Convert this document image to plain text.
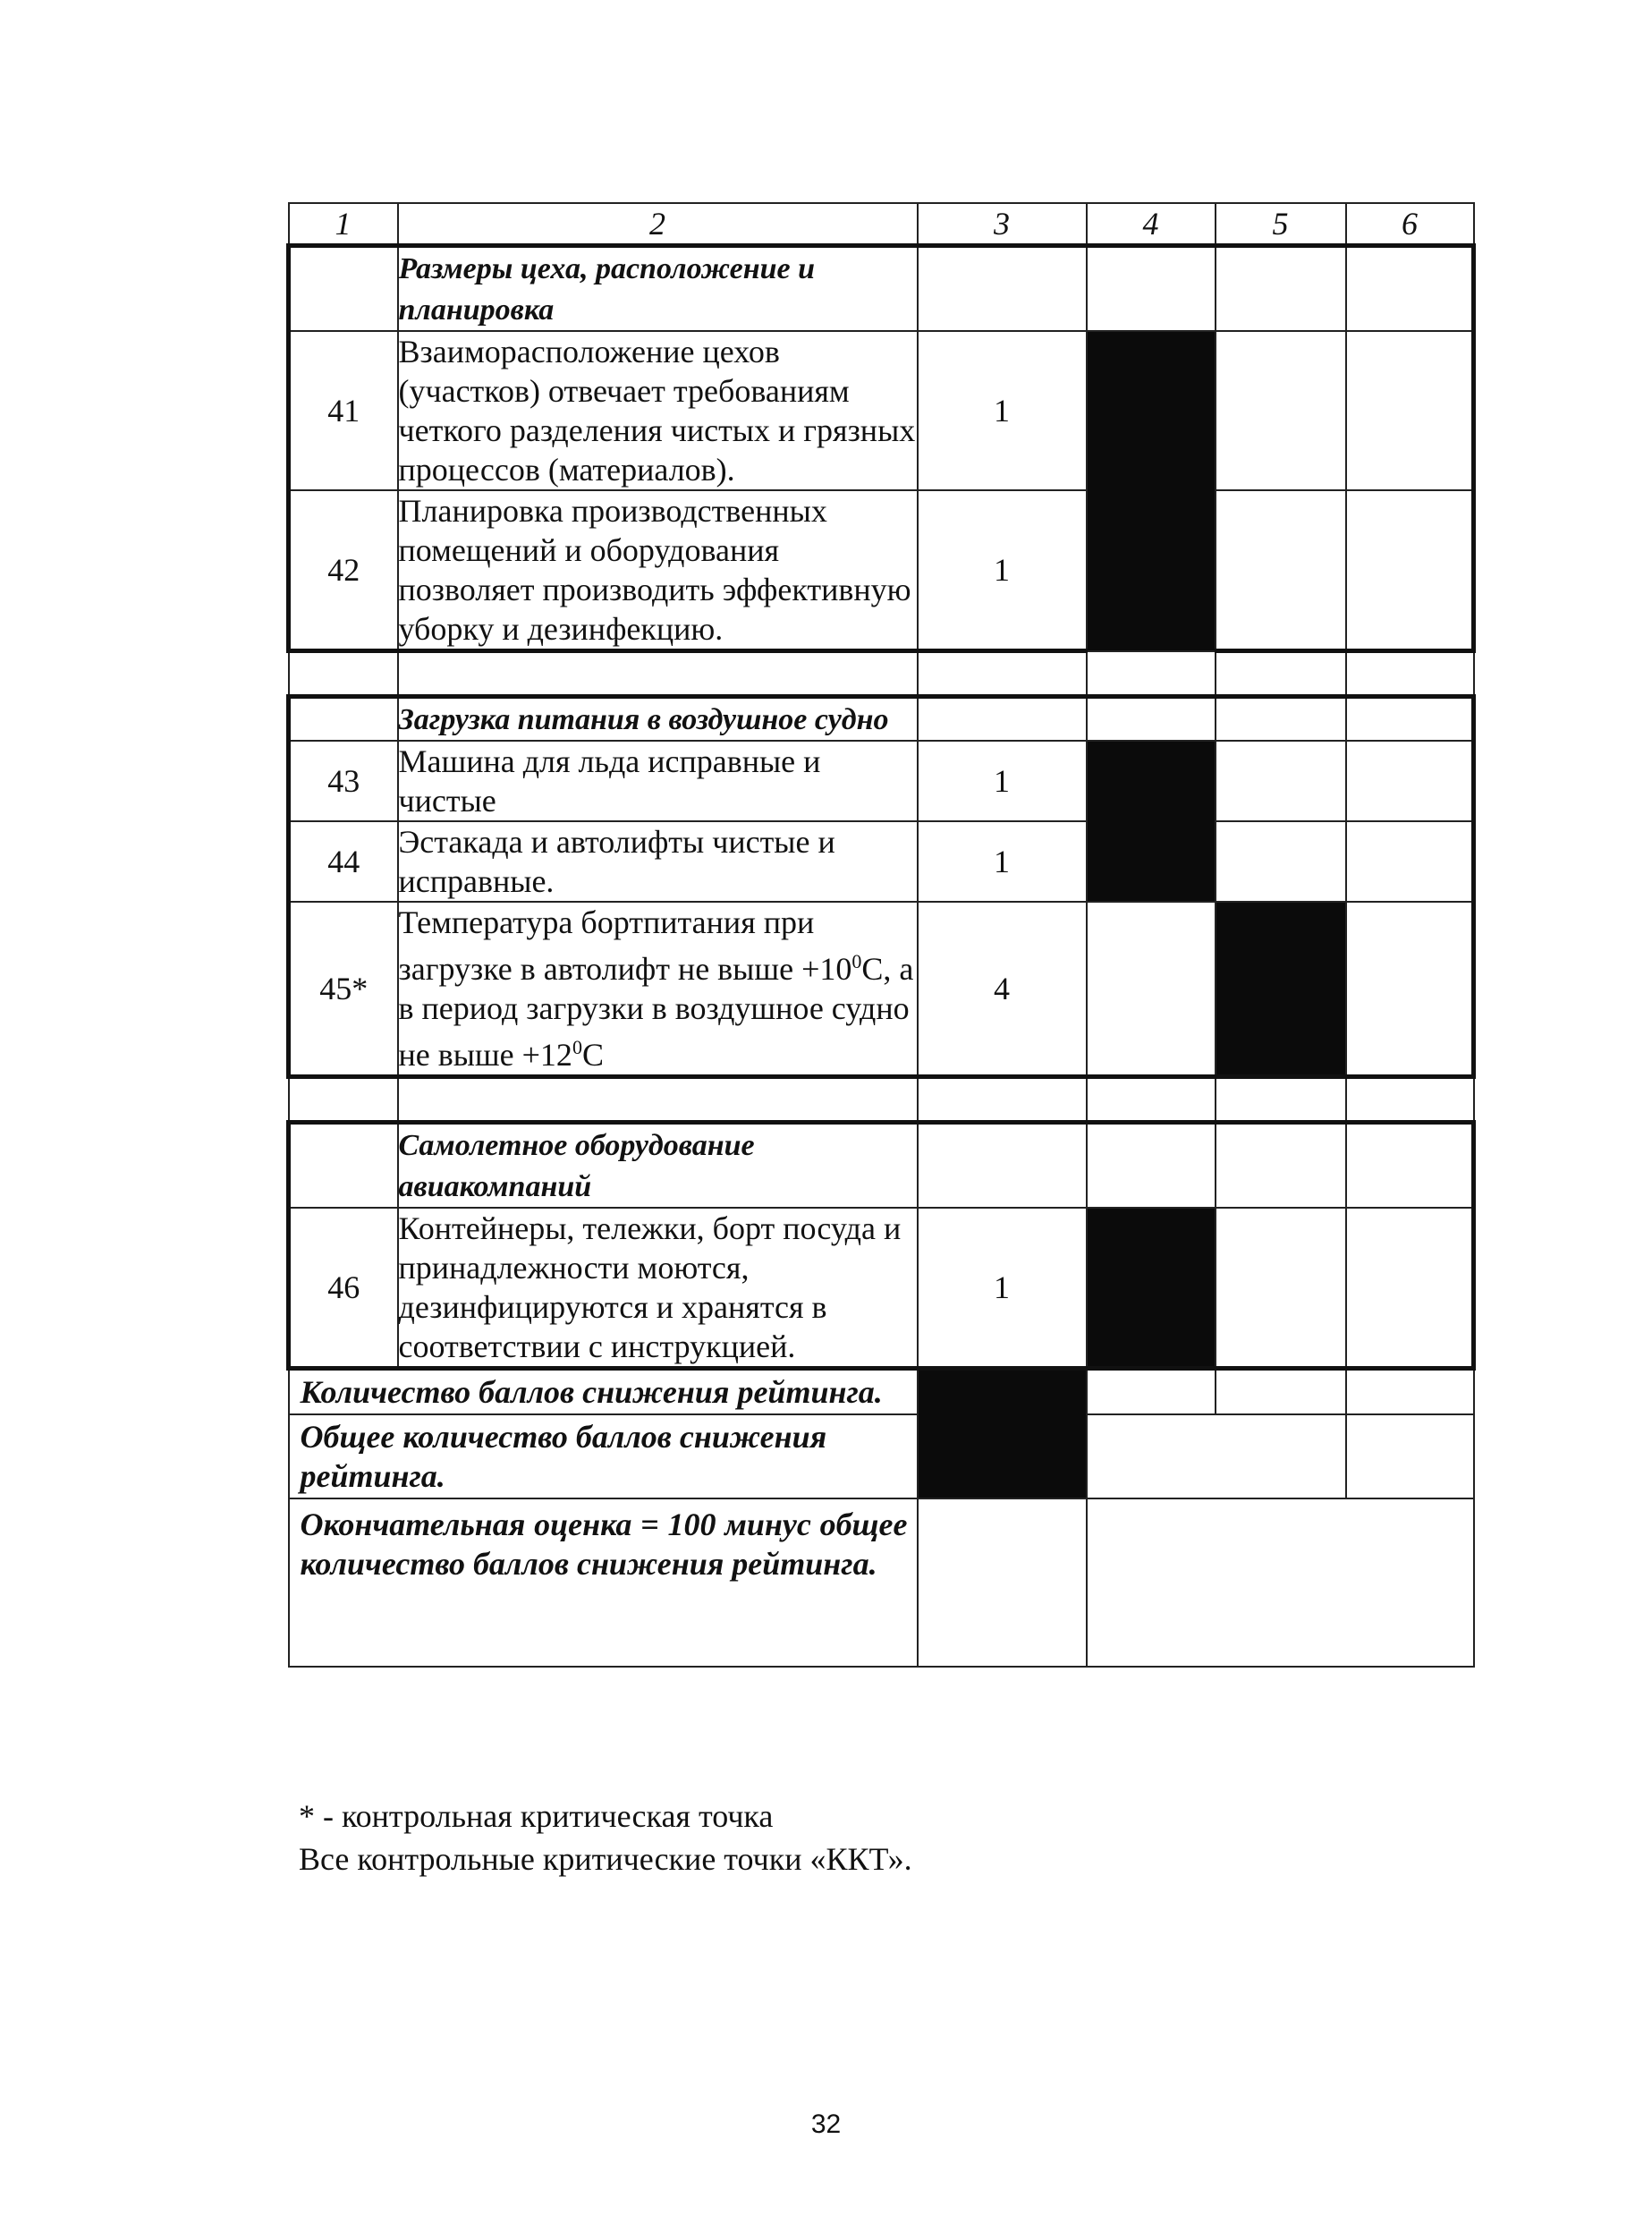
1	2	3	4	5	6
	Размеры цеха, расположение и планировка				
41	Взаиморасположение цехов (участков) отвечает требованиям четкого разделения чистых и грязных процессов (материалов).	1			
42	Планировка производственных помещений и оборудования позволяет производить эффективную уборку и дезинфекцию.	1			

	Загрузка питания в воздушное судно				
43	Машина для льда исправные и чистые	1			
44	Эстакада и автолифты чистые и исправные.	1			
45*	Температура бортпитания при загрузке в автолифт не выше $+10^0С$, а в период загрузки в воздушное судно не выше $+12^0С$	4			

	Самолетное оборудование авиакомпаний				
46	Контейнеры, тележки, борт посуда и принадлежности моются, дезинфицируются и хранятся в соответствии с инструкцией.	1			
Количество баллов снижения рейтинга.					
Общее количество баллов снижения рейтинга.					
Окончательная оценка = 100 минус общее количество баллов снижения рейтинга.					
* - контрольная критическая точка
Все контрольные критические точки «ККТ».
32
